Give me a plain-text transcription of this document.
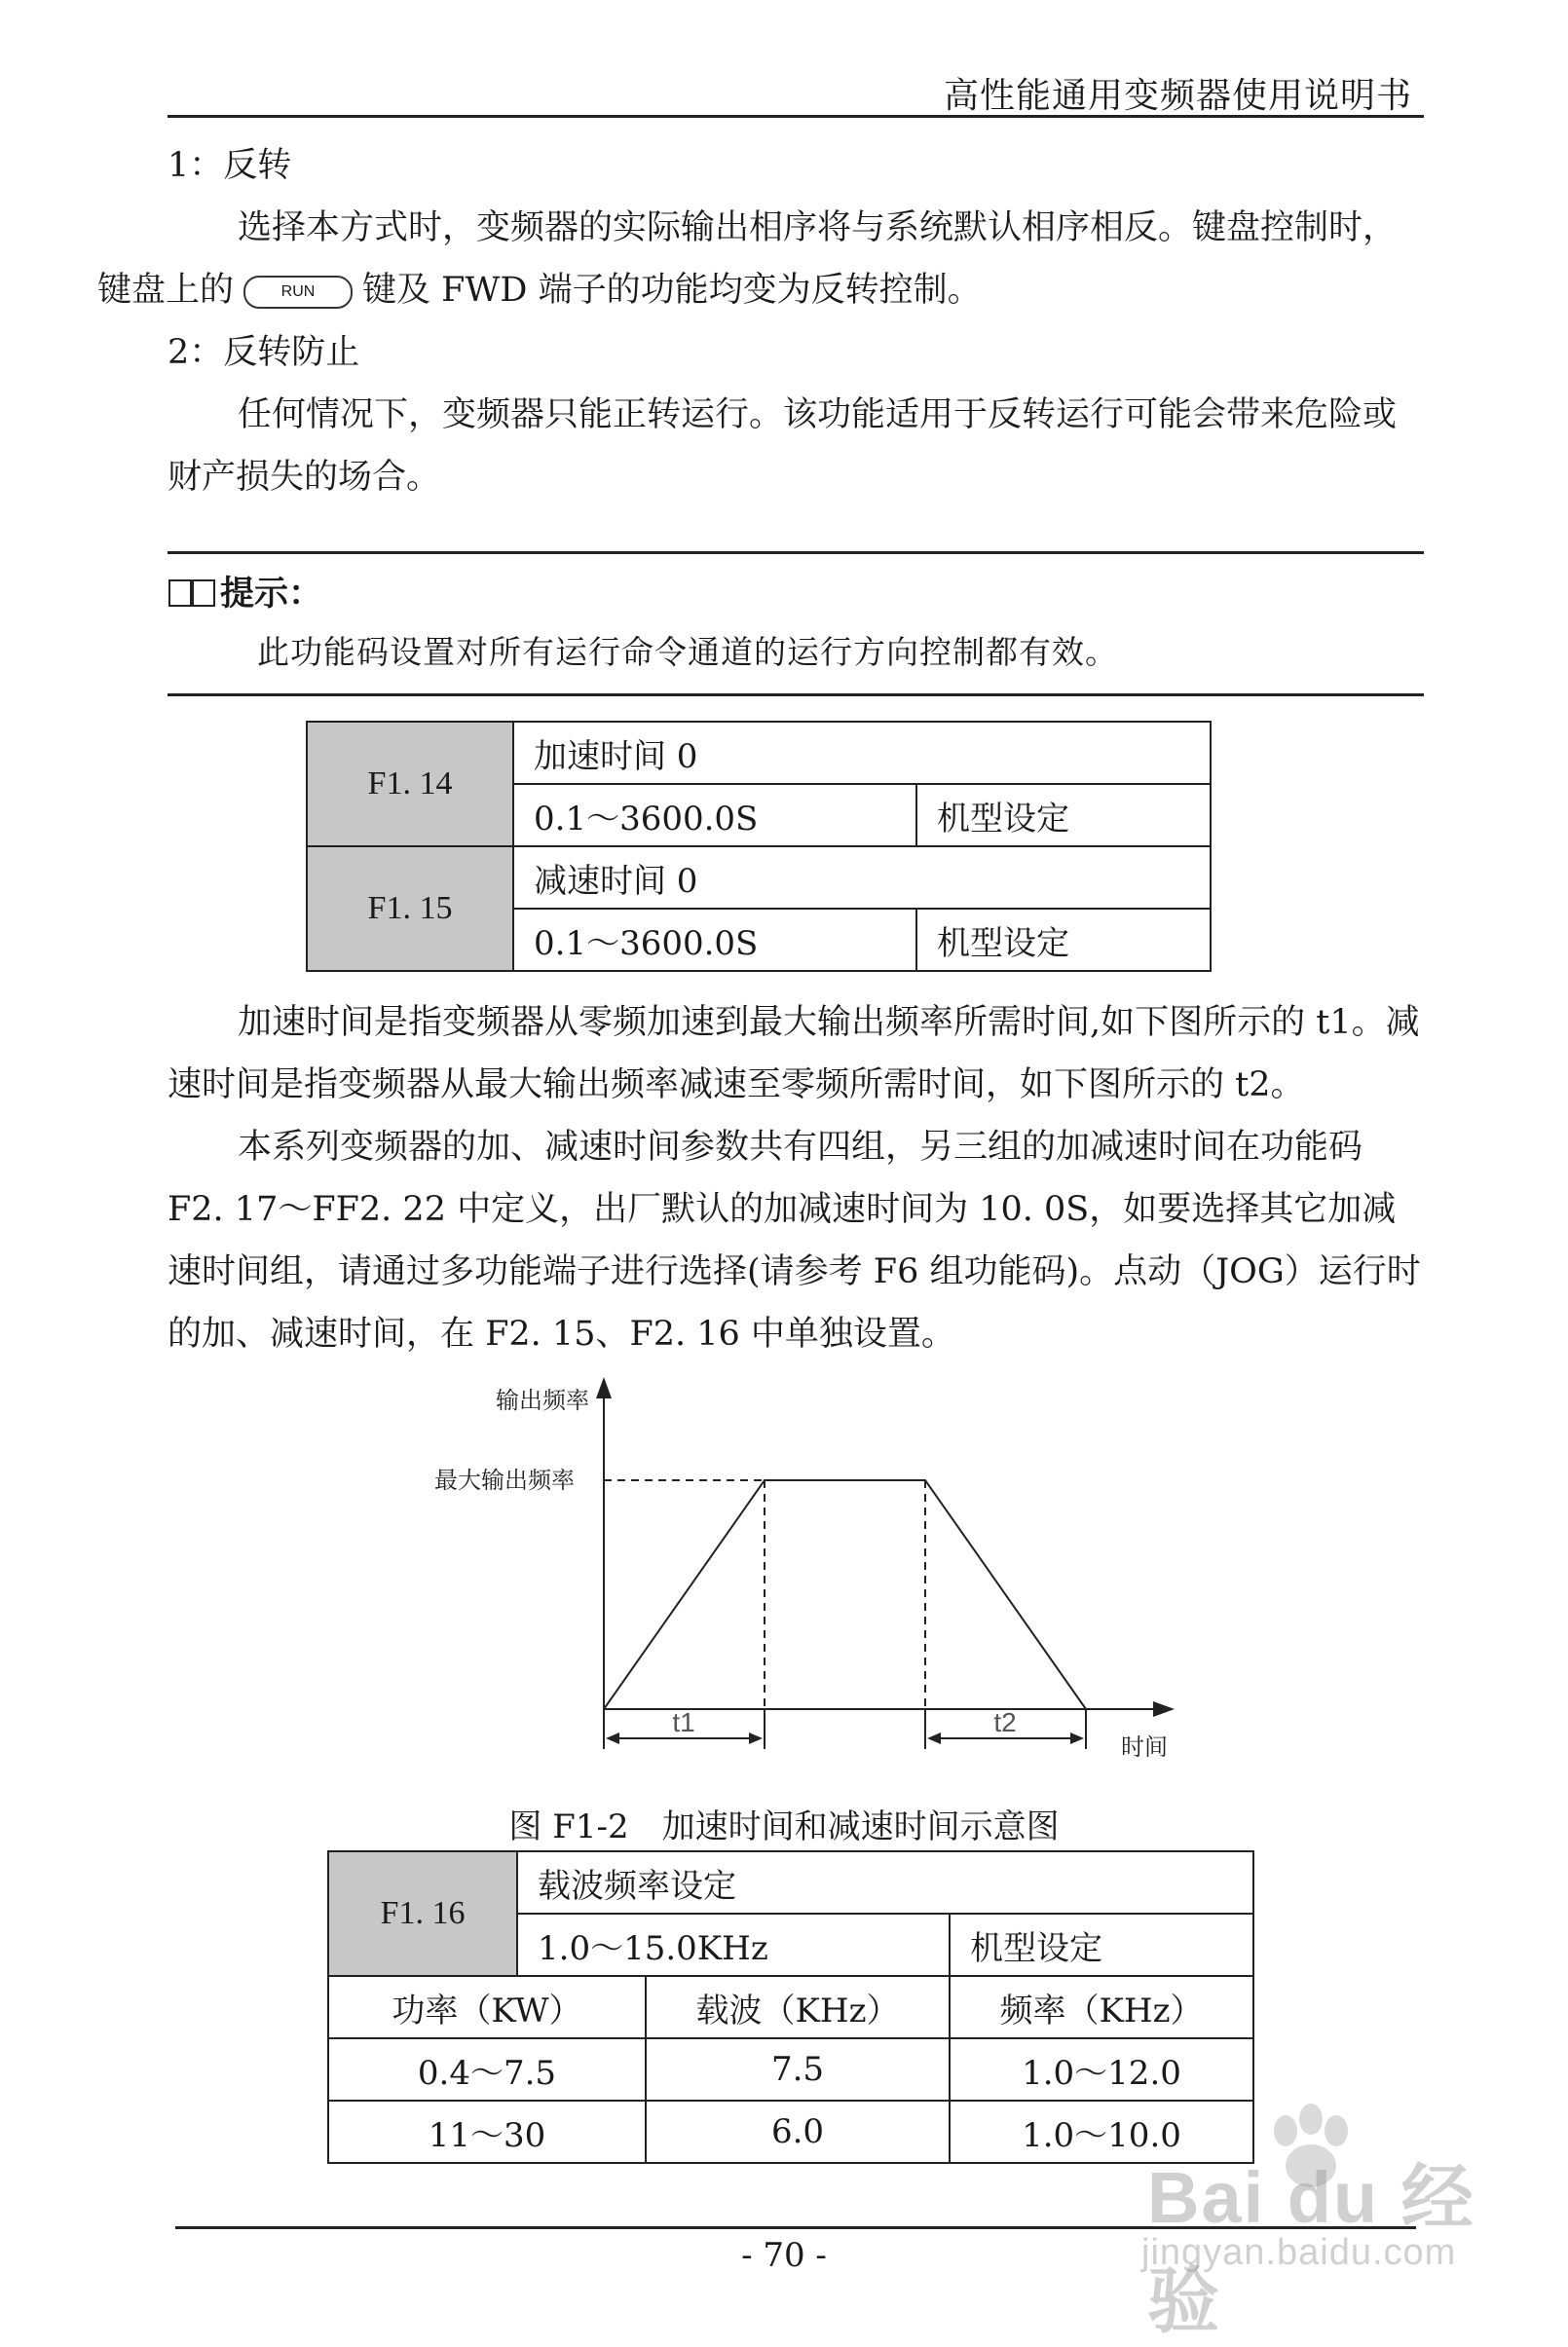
高性能通用变频器使用说明书
1：反转
选择本方式时，变频器的实际输出相序将与系统默认相序相反。键盘控制时，
键盘上的	RUN 键及 FWD 端子的功能均变为反转控制。
2：反转防止
任何情况下，变频器只能正转运行。该功能适用于反转运行可能会带来危险或财产损失的场合。
提示：
此功能码设置对所有运行命令通道的运行方向控制都有效。
F1. 14	加速时间 0	
	0.1～3600.0S	机型设定
F1. 15	减速时间 0	
	0.1～3600.0S	机型设定
加速时间是指变频器从零频加速到最大输出频率所需时间,如下图所示的 t1。减速时间是指变频器从最大输出频率减速至零频所需时间，如下图所示的 t2。
本系列变频器的加、减速时间参数共有四组，另三组的加减速时间在功能码 F2. 17～FF2. 22 中定义，出厂默认的加减速时间为 10. 0S，如要选择其它加减速时间组，请通过多功能端子进行选择(请参考 F6 组功能码)。点动（JOG）运行时的加、减速时间，在 F2. 15、F2. 16 中单独设置。
输出频率
最大输出频率
t1	t2
时间
图 F1-2　加速时间和减速时间示意图
F1. 16	载波频率设定		
	1.0～15.0KHz		机型设定
功率（KW）		载波（KHz）	频率（KHz）
0.4～7.5		7.5	1.0～12.0
11～30		6.0	1.0～10.0
- 70 -
Bai du 经验
jingyan.baidu.com
